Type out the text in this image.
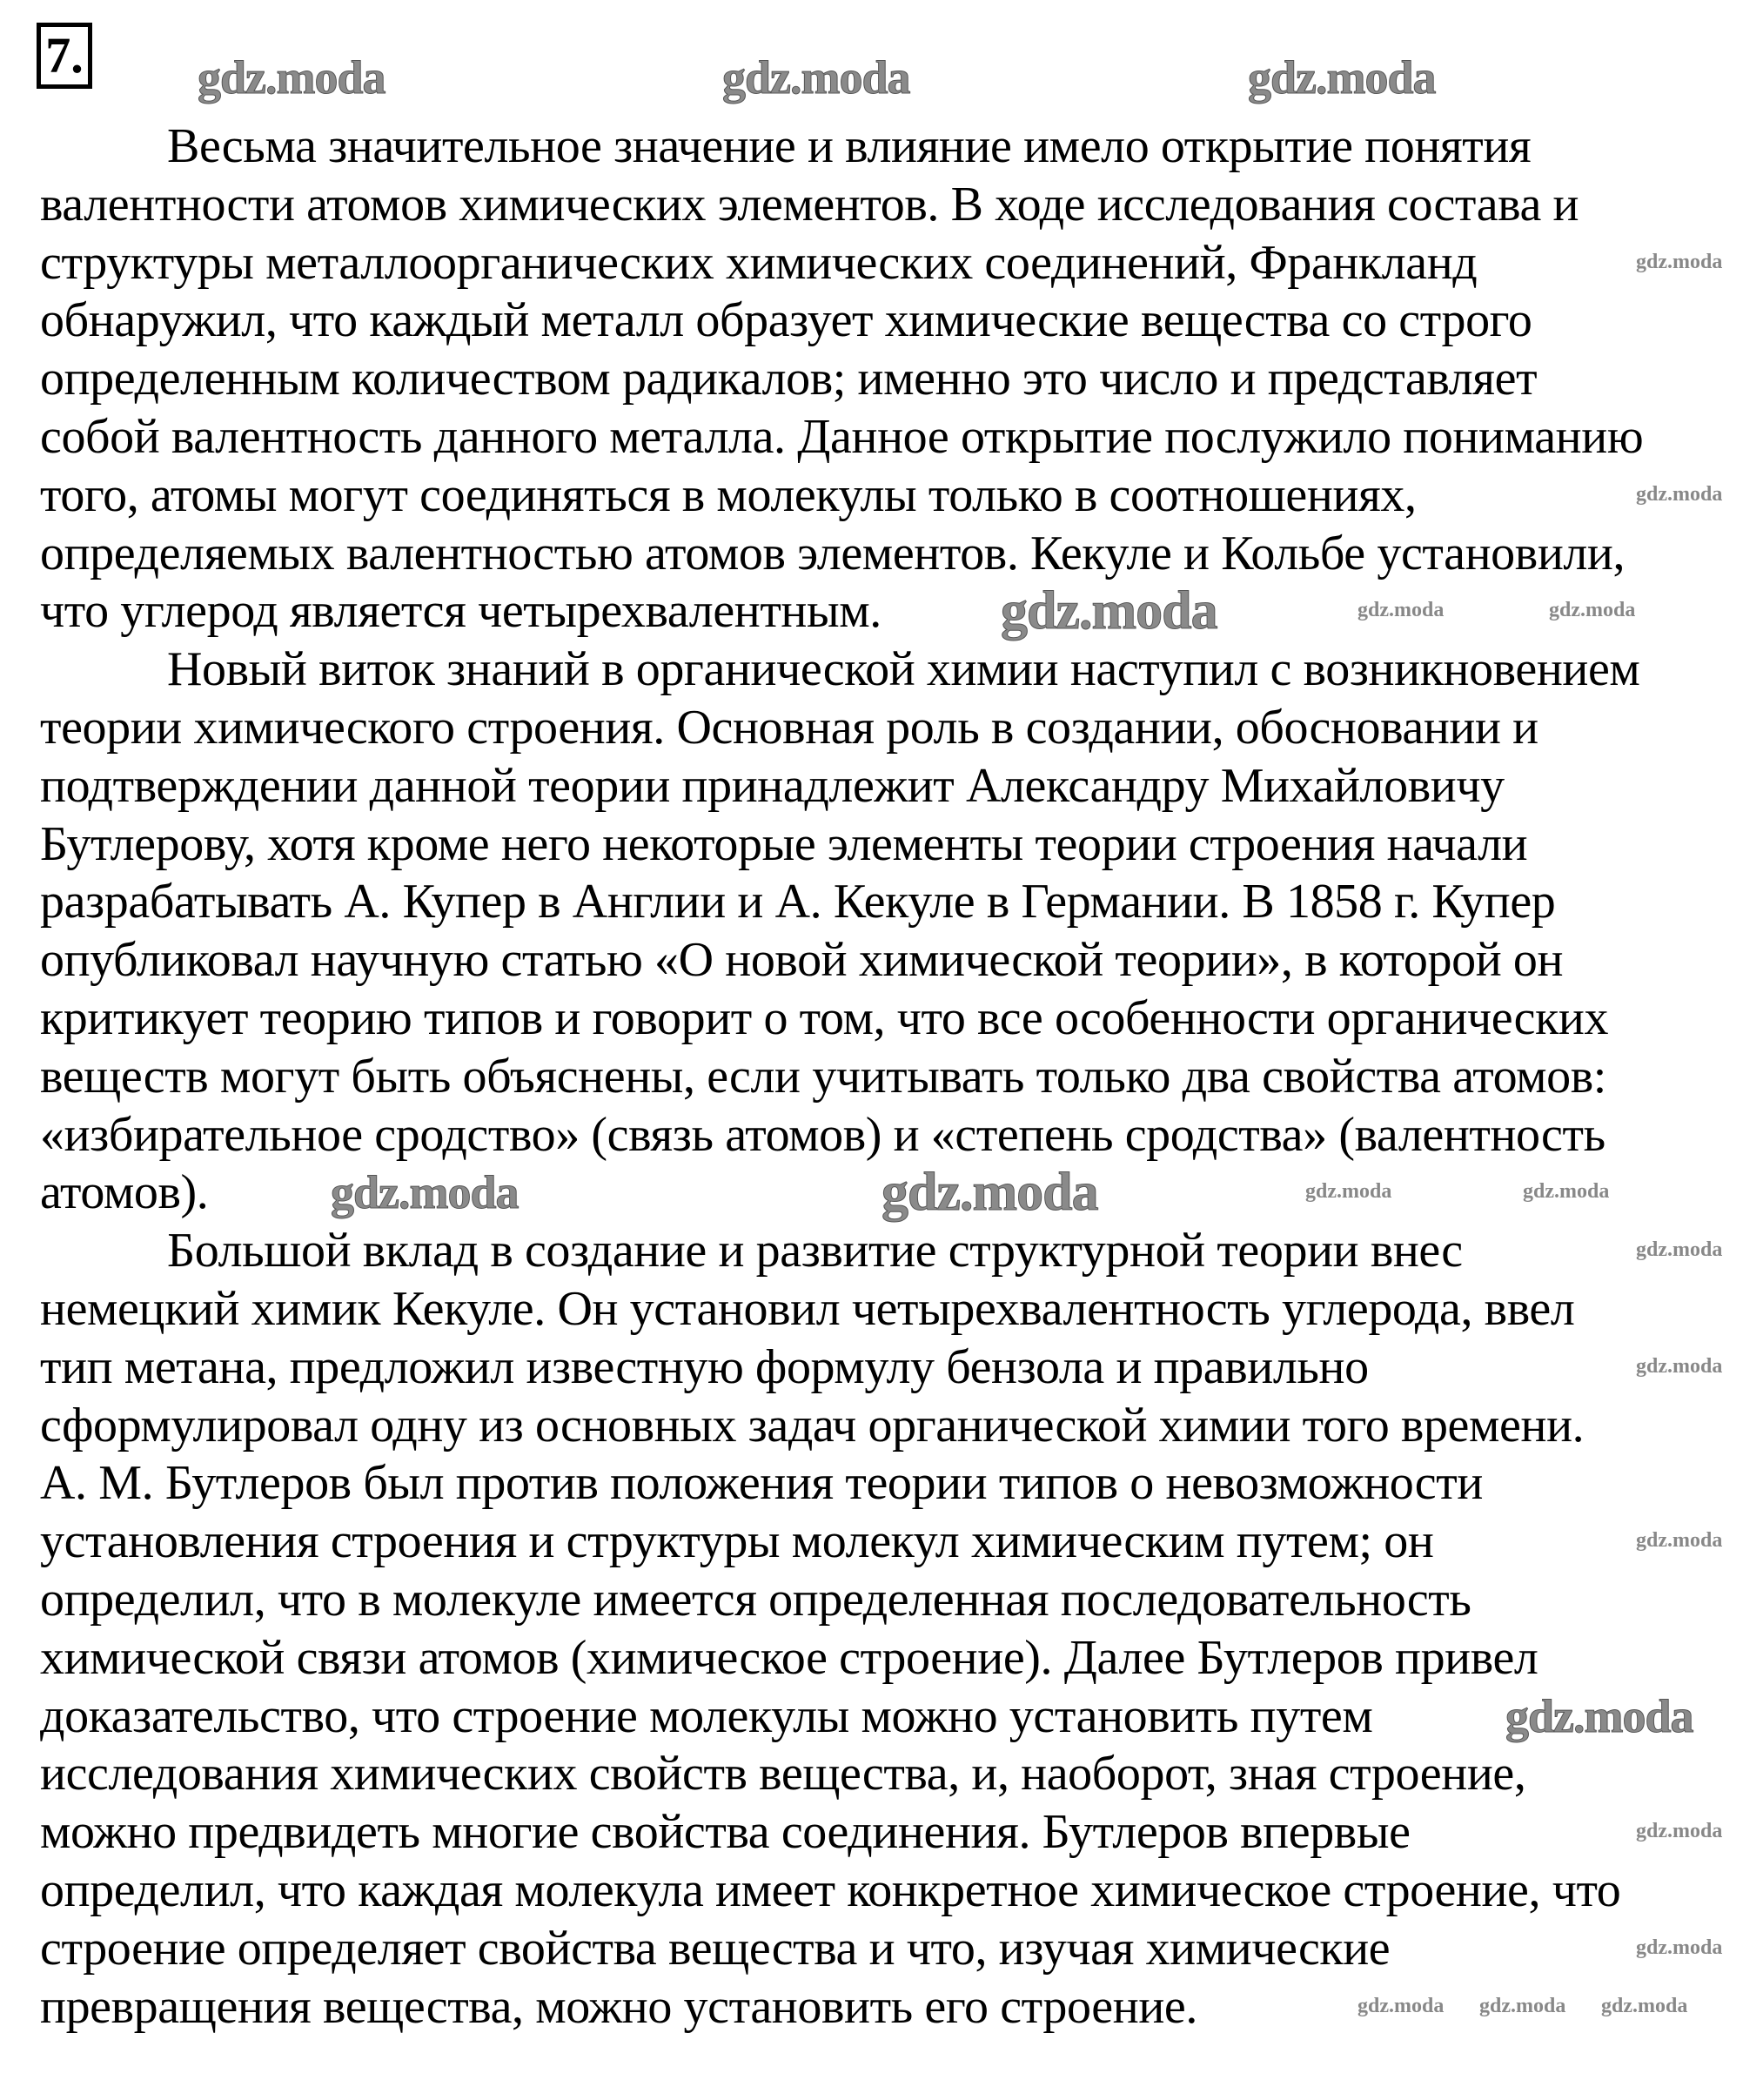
7. gdz.moda	gdz.moda	gdz.moda
gdz.moda
gdz.moda	gdz.moda
gdz.moda
gdz.moda
gdz.moda
gdz.moda
gdz.moda
gdz.moda
gdz.moda
gdz.moda
gdz.moda gdz.moda gdz.moda
gdz.moda	gdz.moda
gdz.moda	gdz.moda
Весьма значительное значение и влияние имело открытие понятия
валентности атомов химических элементов. В ходе исследования состава и
структуры металлоорганических химических соединений, Франкланд
обнаружил, что каждый металл образует химические вещества со строго
определенным количеством радикалов; именно это число и представляет
собой валентность данного металла. Данное открытие послужило пониманию
того, атомы могут соединяться в молекулы только в соотношениях,
определяемых валентностью атомов элементов. Кекуле и Кольбе установили,
что углерод является четырехвалентным.
Новый виток знаний в органической химии наступил с возникновением
теории химического строения. Основная роль в создании, обосновании и
подтверждении данной теории принадлежит Александру Михайловичу
Бутлерову, хотя кроме него некоторые элементы теории строения начали
разрабатывать А. Купер в Англии и А. Кекуле в Германии. В 1858 г. Купер
опубликовал научную статью «О новой химической теории», в которой он
критикует теорию типов и говорит о том, что все особенности органических
веществ могут быть объяснены, если учитывать только два свойства атомов:
«избирательное сродство» (связь атомов) и «степень сродства» (валентность
атомов).
Большой вклад в создание и развитие структурной теории внес
немецкий химик Кекуле. Он установил четырехвалентность углерода, ввел
тип метана, предложил известную формулу бензола и правильно
сформулировал одну из основных задач органической химии того времени.
А. М. Бутлеров был против положения теории типов о невозможности
установления строения и структуры молекул химическим путем; он
определил, что в молекуле имеется определенная последовательность
химической связи атомов (химическое строение). Далее Бутлеров привел
доказательство, что строение молекулы можно установить путем
исследования химических свойств вещества, и, наоборот, зная строение,
можно предвидеть многие свойства соединения. Бутлеров впервые
определил, что каждая молекула имеет конкретное химическое строение, что
строение определяет свойства вещества и что, изучая химические
превращения вещества, можно установить его строение.
